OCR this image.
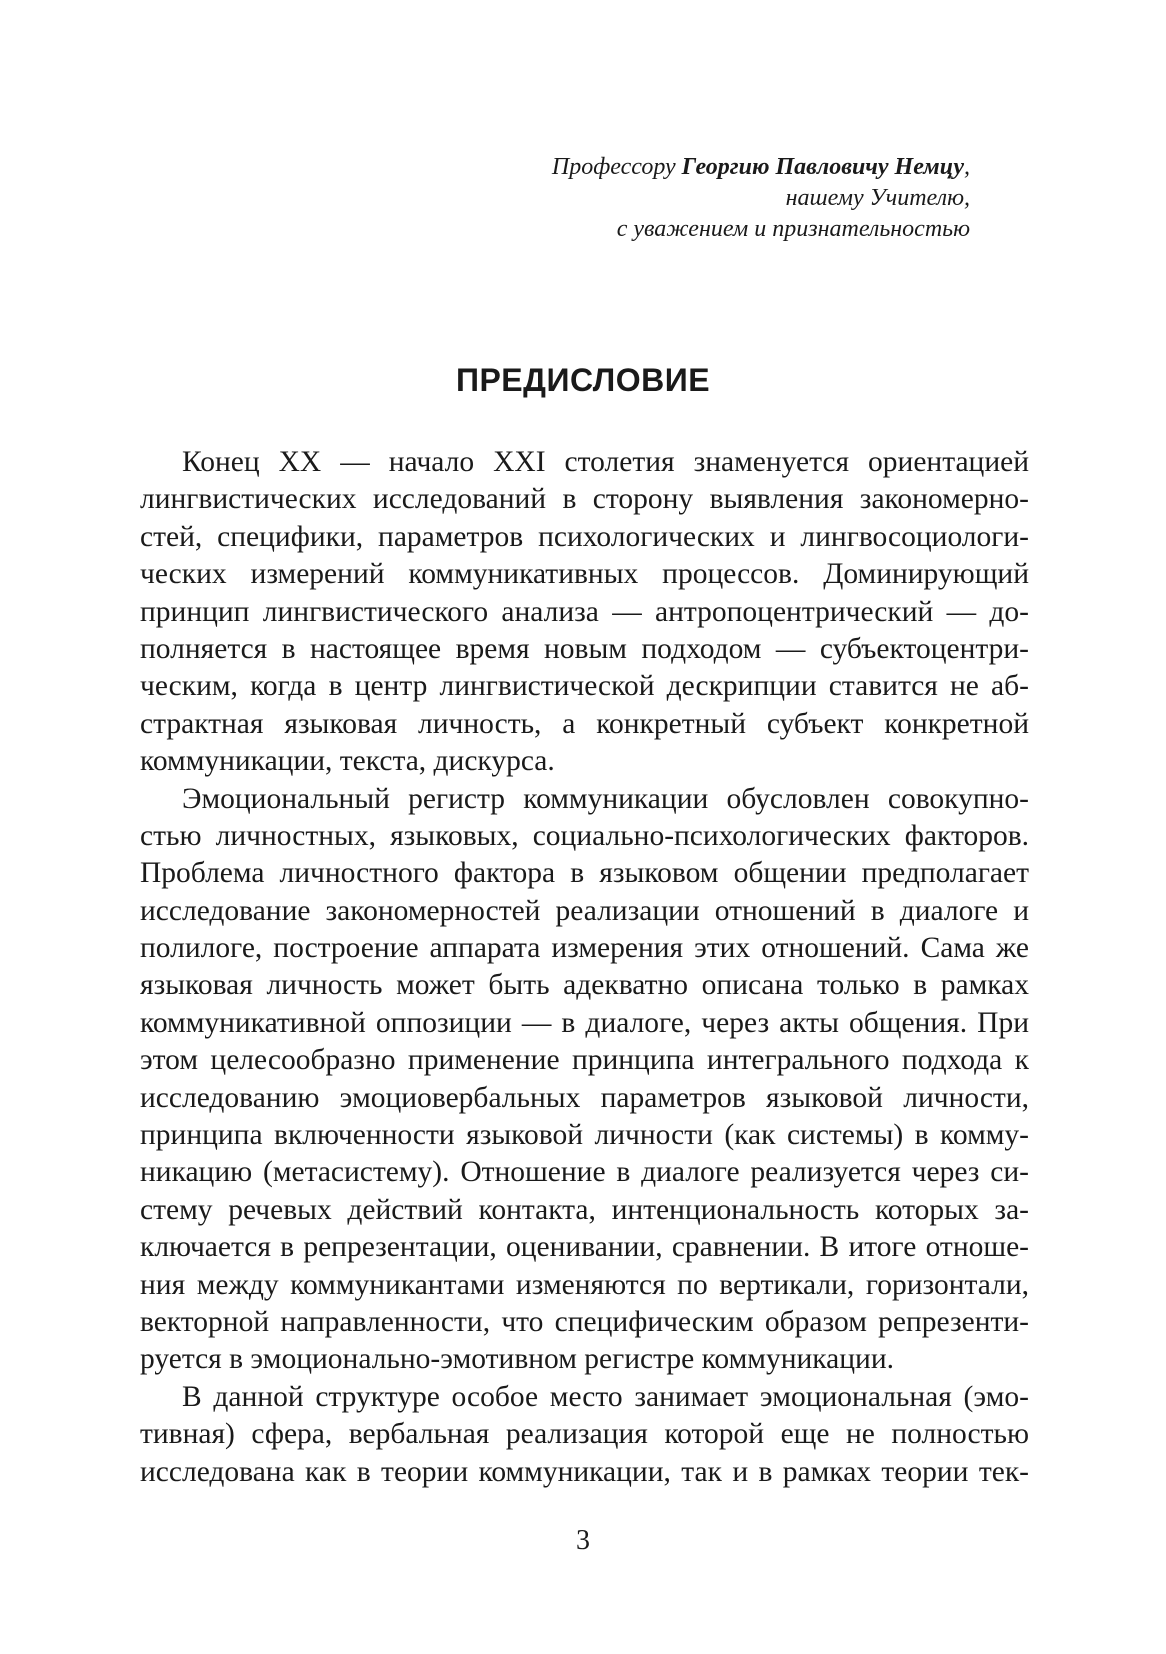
Профессору Георгию Павловичу Немцу,
нашему Учителю,
с уважением и признательностью
ПРЕДИСЛОВИЕ
Конец XX — начало XXI столетия знаменуется ориентацией
лингвистических исследований в сторону выявления закономерно-
стей, специфики, параметров психологических и лингвосоциологи-
ческих измерений коммуникативных процессов. Доминирующий
принцип лингвистического анализа — антропоцентрический — до-
полняется в настоящее время новым подходом — субъектоцентри-
ческим, когда в центр лингвистической дескрипции ставится не аб-
страктная языковая личность, а конкретный субъект конкретной
коммуникации, текста, дискурса.
Эмоциональный регистр коммуникации обусловлен совокупно-
стью личностных, языковых, социально-психологических факторов.
Проблема личностного фактора в языковом общении предполагает
исследование закономерностей реализации отношений в диалоге и
полилоге, построение аппарата измерения этих отношений. Сама же
языковая личность может быть адекватно описана только в рамках
коммуникативной оппозиции — в диалоге, через акты общения. При
этом целесообразно применение принципа интегрального подхода к
исследованию эмоциовербальных параметров языковой личности,
принципа включенности языковой личности (как системы) в комму-
никацию (метасистему). Отношение в диалоге реализуется через си-
стему речевых действий контакта, интенциональность которых за-
ключается в репрезентации, оценивании, сравнении. В итоге отноше-
ния между коммуникантами изменяются по вертикали, горизонтали,
векторной направленности, что специфическим образом репрезенти-
руется в эмоционально-эмотивном регистре коммуникации.
В данной структуре особое место занимает эмоциональная (эмо-
тивная) сфера, вербальная реализация которой еще не полностью
исследована как в теории коммуникации, так и в рамках теории тек-
3
